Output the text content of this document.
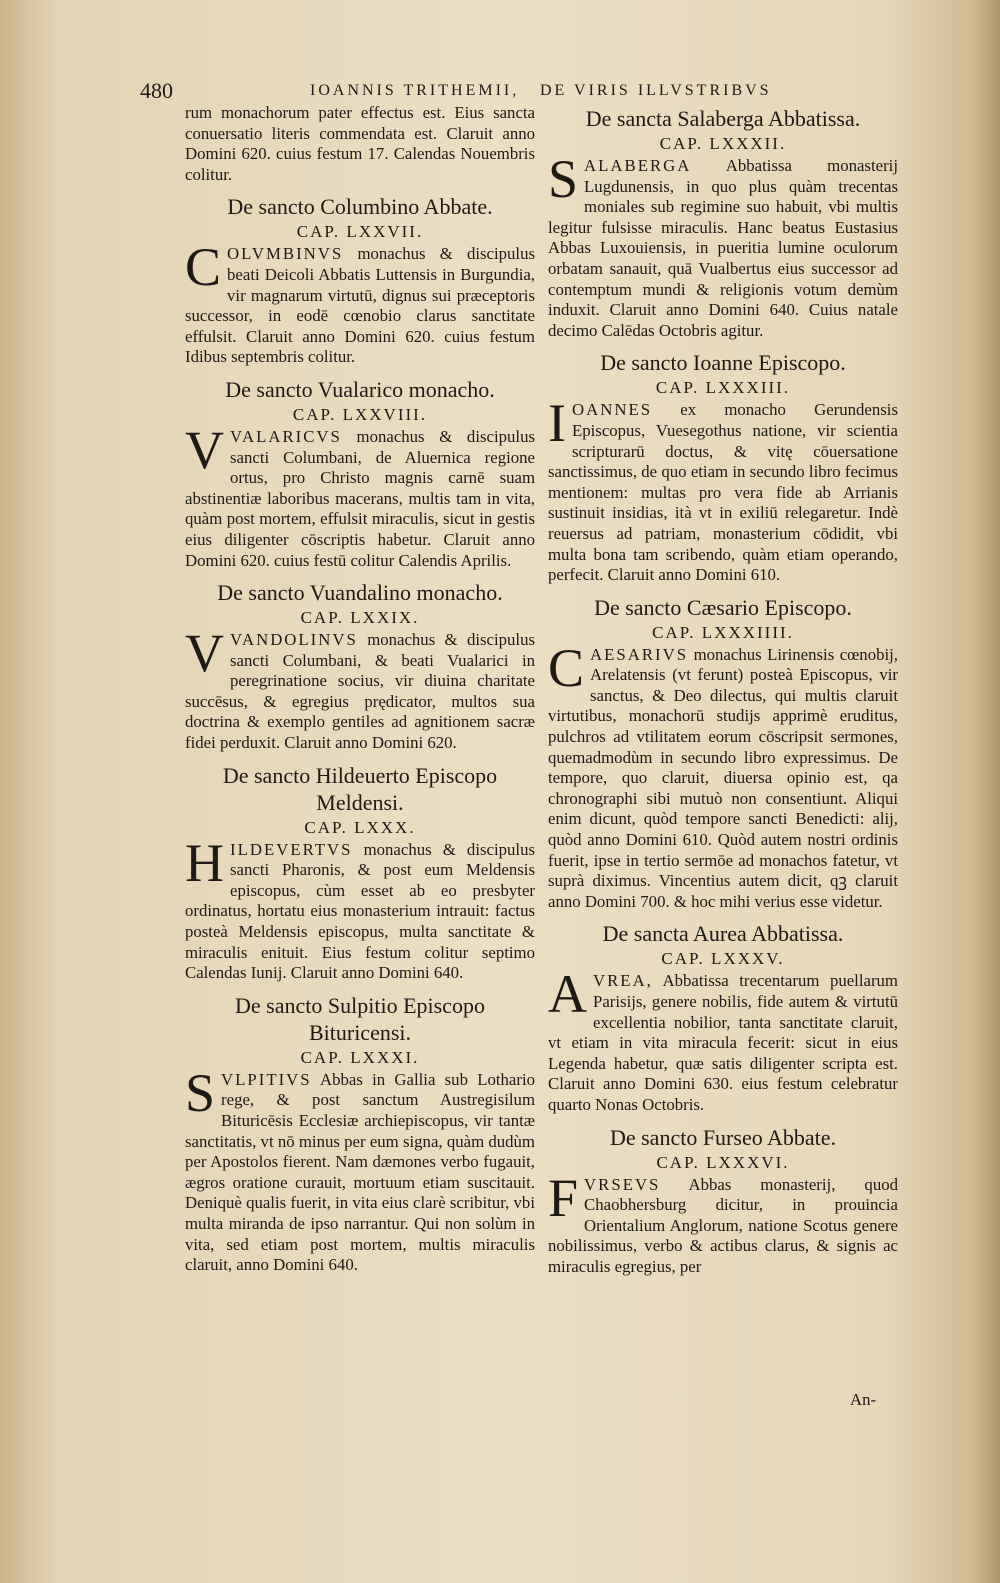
480	IOANNIS TRITHEMII, DE VIRIS ILLVSTRIBVS

rum monachorum pater effectus est. Eius sancta conuersatio literis commendata est. Claruit anno Domini 620. cuius festum 17. Calendas Nouembris colitur.

De sancto Columbino Abbate.
CAP. LXXVII.

COLVMBINVS monachus & discipulus beati Deicoli Abbatis Luttensis in Burgundia, vir magnarum virtutū, dignus sui præceptoris successor, in eodē cœnobio clarus sanctitate effulsit. Claruit anno Domini 620. cuius festum Idibus septembris colitur.

De sancto Vualarico monacho.
CAP. LXXVIII.

VVALARICVS monachus & discipulus sancti Columbani, de Aluernica regione ortus, pro Christo magnis carnē suam abstinentiæ laboribus macerans, multis tam in vita, quàm post mortem, effulsit miraculis, sicut in gestis eius diligenter cōscriptis habetur. Claruit anno Domini 620. cuius festū colitur Calendis Aprilis.

De sancto Vuandalino monacho.
CAP. LXXIX.

VVANDOLINVS monachus & discipulus sancti Columbani, & beati Vualarici in peregrinatione socius, vir diuina charitate succēsus, & egregius prędicator, multos sua doctrina & exemplo gentiles ad agnitionem sacræ fidei perduxit. Claruit anno Domini 620.

De sancto Hildeuerto Episcopo Meldensi.
CAP. LXXX.

HILDEVERTVS monachus & discipulus sancti Pharonis, & post eum Meldensis episcopus, cùm esset ab eo presbyter ordinatus, hortatu eius monasterium intrauit: factus posteà Meldensis episcopus, multa sanctitate & miraculis enituit. Eius festum colitur septimo Calendas Iunij. Claruit anno Domini 640.

De sancto Sulpitio Episcopo Bituricensi.
CAP. LXXXI.

SVLPITIVS Abbas in Gallia sub Lothario rege, & post sanctum Austregisilum Bituricēsis Ecclesiæ archiepiscopus, vir tantæ sanctitatis, vt nō minus per eum signa, quàm dudùm per Apostolos fierent. Nam dæmones verbo fugauit, ægros oratione curauit, mortuum etiam suscitauit. Deniquè qualis fuerit, in vita eius clarè scribitur, vbi multa miranda de ipso narrantur. Qui non solùm in vita, sed etiam post mortem, multis miraculis claruit, anno Domini 640.

De sancta Salaberga Abbatissa.
CAP. LXXXII.

SALABERGA Abbatissa monasterij Lugdunensis, in quo plus quàm trecentas moniales sub regimine suo habuit, vbi multis legitur fulsisse miraculis. Hanc beatus Eustasius Abbas Luxouiensis, in pueritia lumine oculorum orbatam sanauit, quā Vualbertus eius successor ad contemptum mundi & religionis votum demùm induxit. Claruit anno Domini 640. Cuius natale decimo Calēdas Octobris agitur.

De sancto Ioanne Episcopo.
CAP. LXXXIII.

IOANNES ex monacho Gerundensis Episcopus, Vuesegothus natione, vir scientia scripturarū doctus, & vitę cōuersatione sanctissimus, de quo etiam in secundo libro fecimus mentionem: multas pro vera fide ab Arrianis sustinuit insidias, ità vt in exiliū relegaretur. Indè reuersus ad patriam, monasterium cōdidit, vbi multa bona tam scribendo, quàm etiam operando, perfecit. Claruit anno Domini 610.

De sancto Cæsario Episcopo.
CAP. LXXXIIII.

CAESARIVS monachus Lirinensis cœnobij, Arelatensis (vt ferunt) posteà Episcopus, vir sanctus, & Deo dilectus, qui multis claruit virtutibus, monachorū studijs apprimè eruditus, pulchros ad vtilitatem eorum cōscripsit sermones, quemadmodùm in secundo libro expressimus. De tempore, quo claruit, diuersa opinio est, qa chronographi sibi mutuò non consentiunt. Aliqui enim dicunt, quòd tempore sancti Benedicti: alij, quòd anno Domini 610. Quòd autem nostri ordinis fuerit, ipse in tertio sermōe ad monachos fatetur, vt suprà diximus. Vincentius autem dicit, qꝫ claruit anno Domini 700. & hoc mihi verius esse videtur.

De sancta Aurea Abbatissa.
CAP. LXXXV.

AVREA, Abbatissa trecentarum puellarum Parisijs, genere nobilis, fide autem & virtutū excellentia nobilior, tanta sanctitate claruit, vt etiam in vita miracula fecerit: sicut in eius Legenda habetur, quæ satis diligenter scripta est. Claruit anno Domini 630. eius festum celebratur quarto Nonas Octobris.

De sancto Furseo Abbate.
CAP. LXXXVI.

FVRSEVS Abbas monasterij, quod Chaobhersburg dicitur, in prouincia Orientalium Anglorum, natione Scotus genere nobilissimus, verbo & actibus clarus, & signis ac miraculis egregius, per

An-
